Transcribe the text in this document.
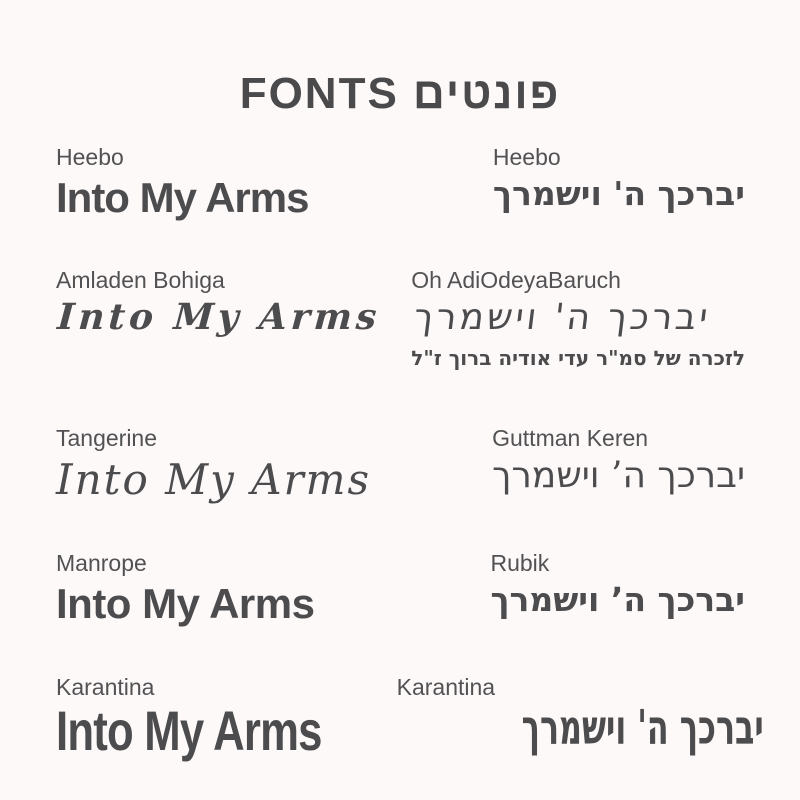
FONTS פונטים
Heebo
Into My Arms
Heebo
יברכך ה' וישמרך
Amladen Bohiga
Into My Arms
Oh AdiOdeyaBaruch
יברכך ה' וישמרך
לזכרה של סמ"ר עדי אודיה ברוך ז"ל
Tangerine
Into My Arms
Guttman Keren
יברכך ה’ וישמרך
Manrope
Into My Arms
Rubik
יברכך ה’ וישמרך
Karantina
Into My Arms
Karantina
יברכך ה' וישמרך
